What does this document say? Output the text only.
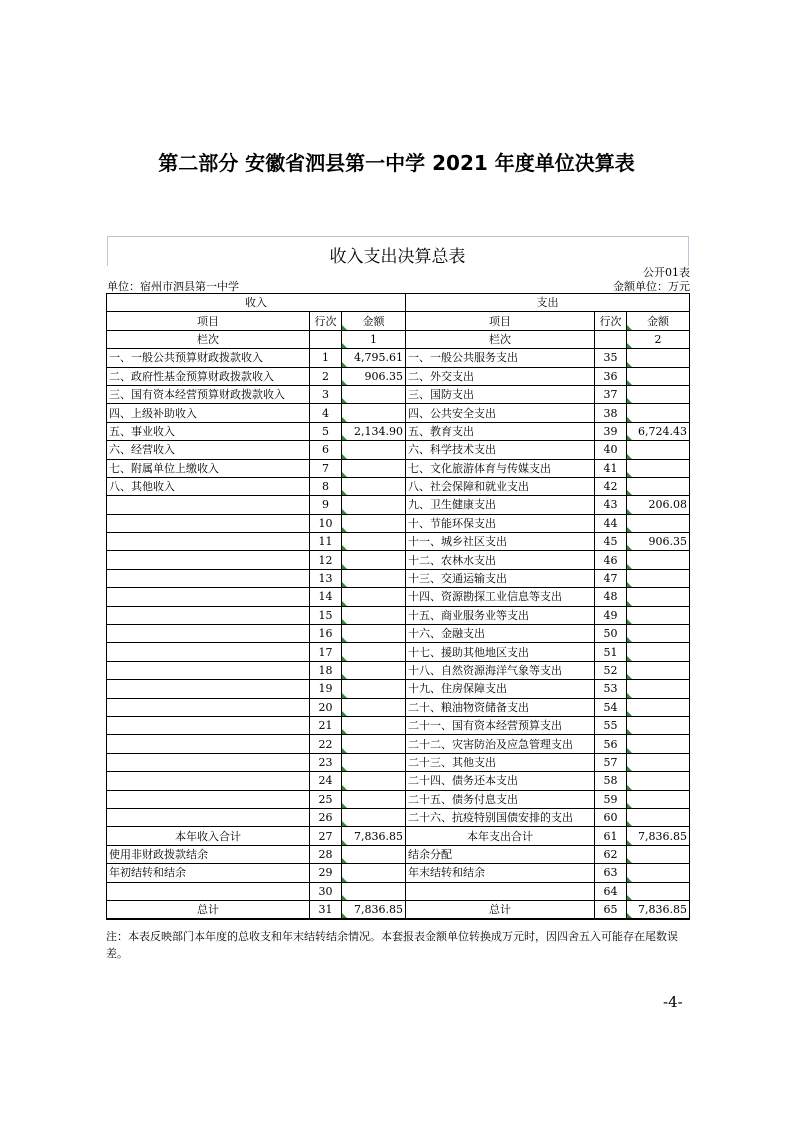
第二部分 安徽省泗县第一中学 2021 年度单位决算表
收入支出决算总表
公开01表
单位：宿州市泗县第一中学	金额单位：万元
收入			支出		
项目	行次	金额	项目	行次	金额
栏次		1	栏次		2
一、一般公共预算财政拨款收入	1	4,795.61	一、一般公共服务支出	35	
二、政府性基金预算财政拨款收入	2	906.35	二、外交支出	36	
三、国有资本经营预算财政拨款收入	3		三、国防支出	37	
四、上级补助收入	4		四、公共安全支出	38	
五、事业收入	5	2,134.90	五、教育支出	39	6,724.43
六、经营收入	6		六、科学技术支出	40	
七、附属单位上缴收入	7		七、文化旅游体育与传媒支出	41	
八、其他收入	8		八、社会保障和就业支出	42	
	9		九、卫生健康支出	43	206.08
	10		十、节能环保支出	44	
	11		十一、城乡社区支出	45	906.35
	12		十二、农林水支出	46	
	13		十三、交通运输支出	47	
	14		十四、资源勘探工业信息等支出	48	
	15		十五、商业服务业等支出	49	
	16		十六、金融支出	50	
	17		十七、援助其他地区支出	51	
	18		十八、自然资源海洋气象等支出	52	
	19		十九、住房保障支出	53	
	20		二十、粮油物资储备支出	54	
	21		二十一、国有资本经营预算支出	55	
	22		二十二、灾害防治及应急管理支出	56	
	23		二十三、其他支出	57	
	24		二十四、债务还本支出	58	
	25		二十五、债务付息支出	59	
	26		二十六、抗疫特别国债安排的支出	60	
本年收入合计	27	7,836.85	本年支出合计	61	7,836.85
使用非财政拨款结余	28		结余分配	62	
年初结转和结余	29		年末结转和结余	63	
	30			64	
总计	31	7,836.85	总计	65	7,836.85
注：本表反映部门本年度的总收支和年末结转结余情况。本套报表金额单位转换成万元时，因四舍五入可能存在尾数误差。
-4-
